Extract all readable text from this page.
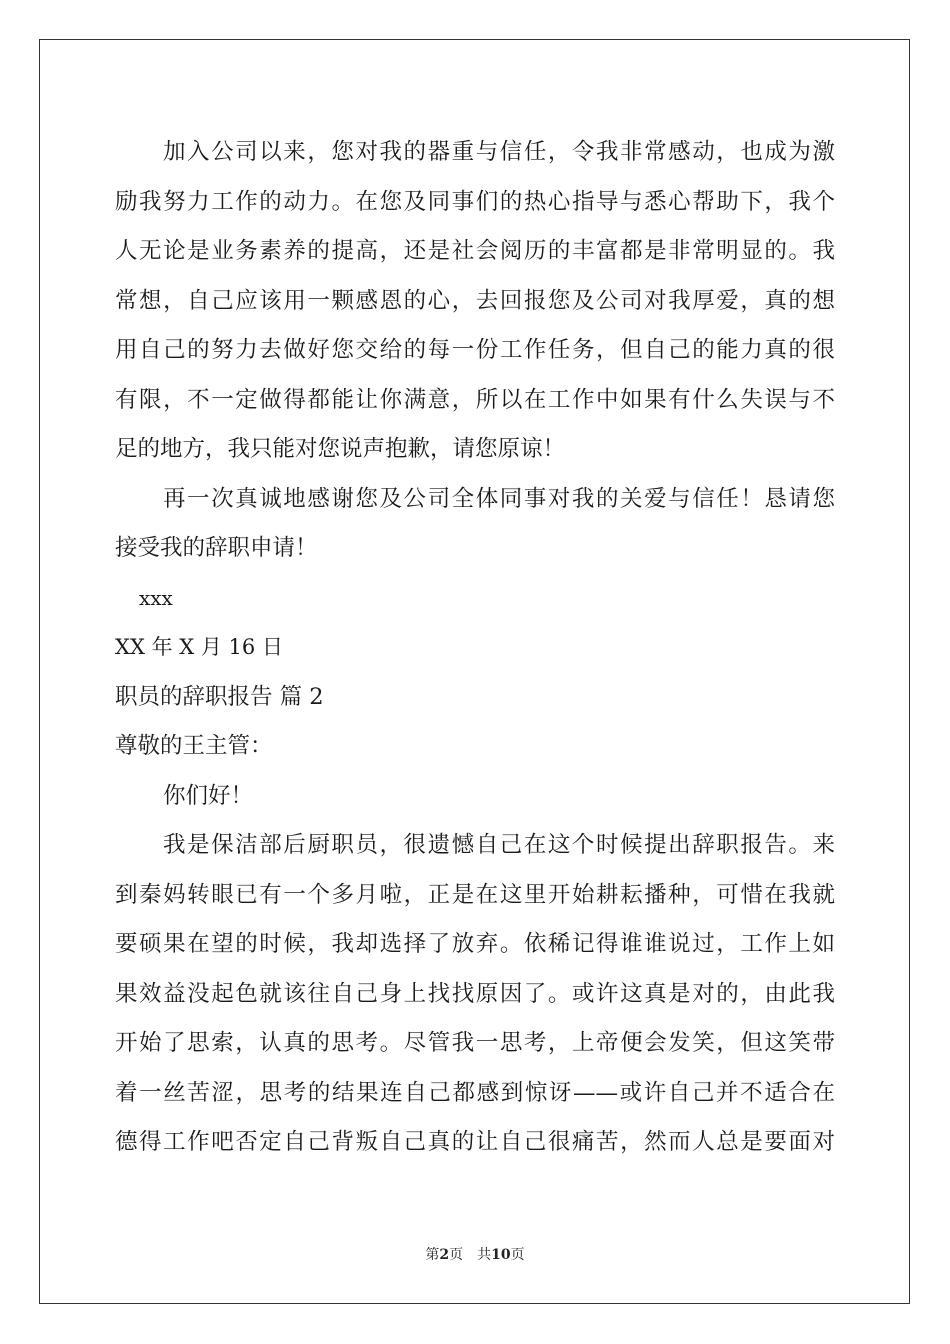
加入公司以来，您对我的器重与信任，令我非常感动，也成为激
励我努力工作的动力。在您及同事们的热心指导与悉心帮助下，我个
人无论是业务素养的提高，还是社会阅历的丰富都是非常明显的。我
常想，自己应该用一颗感恩的心，去回报您及公司对我厚爱，真的想
用自己的努力去做好您交给的每一份工作任务，但自己的能力真的很
有限，不一定做得都能让你满意，所以在工作中如果有什么失误与不
足的地方，我只能对您说声抱歉，请您原谅！
再一次真诚地感谢您及公司全体同事对我的关爱与信任！恳请您
接受我的辞职申请！
xxx
XX 年 X 月 16 日
职员的辞职报告 篇 2
尊敬的王主管：
你们好！
我是保洁部后厨职员，很遗憾自己在这个时候提出辞职报告。来
到秦妈转眼已有一个多月啦，正是在这里开始耕耘播种，可惜在我就
要硕果在望的时候，我却选择了放弃。依稀记得谁谁说过，工作上如
果效益没起色就该往自己身上找找原因了。或许这真是对的，由此我
开始了思索，认真的思考。尽管我一思考，上帝便会发笑，但这笑带
着一丝苦涩，思考的结果连自己都感到惊讶——或许自己并不适合在
德得工作吧否定自己背叛自己真的让自己很痛苦，然而人总是要面对
第2页 共10页
